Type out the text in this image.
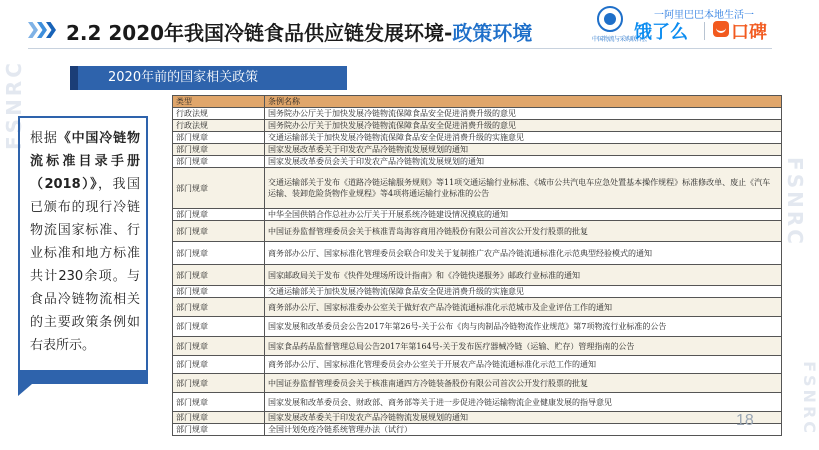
FSNRC
FSNRC
FSNRC
2.2 2020年我国冷链食品供应链发展环境-政策环境	中国物流与采购联合会
一阿里巴巴本地生活一
饿了么 口碑
2020年前的国家相关政策
根据《中国冷链物流标准目录手册（2018）》，我国已颁布的现行冷链物流国家标准、行业标准和地方标准共计230余项。与食品冷链物流相关的主要政策条例如右表所示。
类型	条例名称
行政法规	国务院办公厅关于加快发展冷链物流保障食品安全促进消费升级的意见
行政法规	国务院办公厅关于加快发展冷链物流保障食品安全促进消费升级的意见
部门规章	交通运输部关于加快发展冷链物流保障食品安全促进消费升级的实施意见
部门规章	国家发展改革委关于印发农产品冷链物流发展规划的通知
部门规章	国家发展改革委员会关于印发农产品冷链物流发展规划的通知
部门规章	交通运输部关于发布《道路冷链运输服务规则》等11项交通运输行业标准、《城市公共汽电车应急处置基本操作规程》标准修改单、废止《汽车运输、装卸危险货物作业规程》等4项将通运输行业标准的公告
部门规章	中华全国供销合作总社办公厅关于开展系统冷链建设情况摸底的通知
部门规章	中国证券监督管理委员会关于核准青岛海容商用冷链股份有限公司首次公开发行股票的批复
部门规章	商务部办公厅、国家标准化管理委员会联合印发关于复制推广农产品冷链流通标准化示范典型经验模式的通知
部门规章	国家邮政局关于发布《快件处理场所设计指南》和《冷链快递服务》邮政行业标准的通知
部门规章	交通运输部关于加快发展冷链物流保障食品安全促进消费升级的实施意见
部门规章	商务部办公厅、国家标准委办公室关于做好农产品冷链流通标准化示范城市及企业评估工作的通知
部门规章	国家发展和改革委员会公告2017年第26号-关于公布《肉与肉制品冷链物流作业规范》第7项物流行业标准的公告
部门规章	国家食品药品监督管理总局公告2017年第164号-关于发布医疗器械冷链（运输、贮存）管理指南的公告
部门规章	商务部办公厅、国家标准化管理委员会办公室关于开展农产品冷链流通标准化示范工作的通知
部门规章	中国证券监督管理委员会关于核准南通四方冷链装备股份有限公司首次公开发行股票的批复
部门规章	国家发展和改革委员会、财政部、商务部等关于进一步促进冷链运输物流企业健康发展的指导意见
部门规章	国家发展改革委关于印发农产品冷链物流发展规划的通知
部门规章	全国计划免疫冷链系统管理办法（试行）
18
